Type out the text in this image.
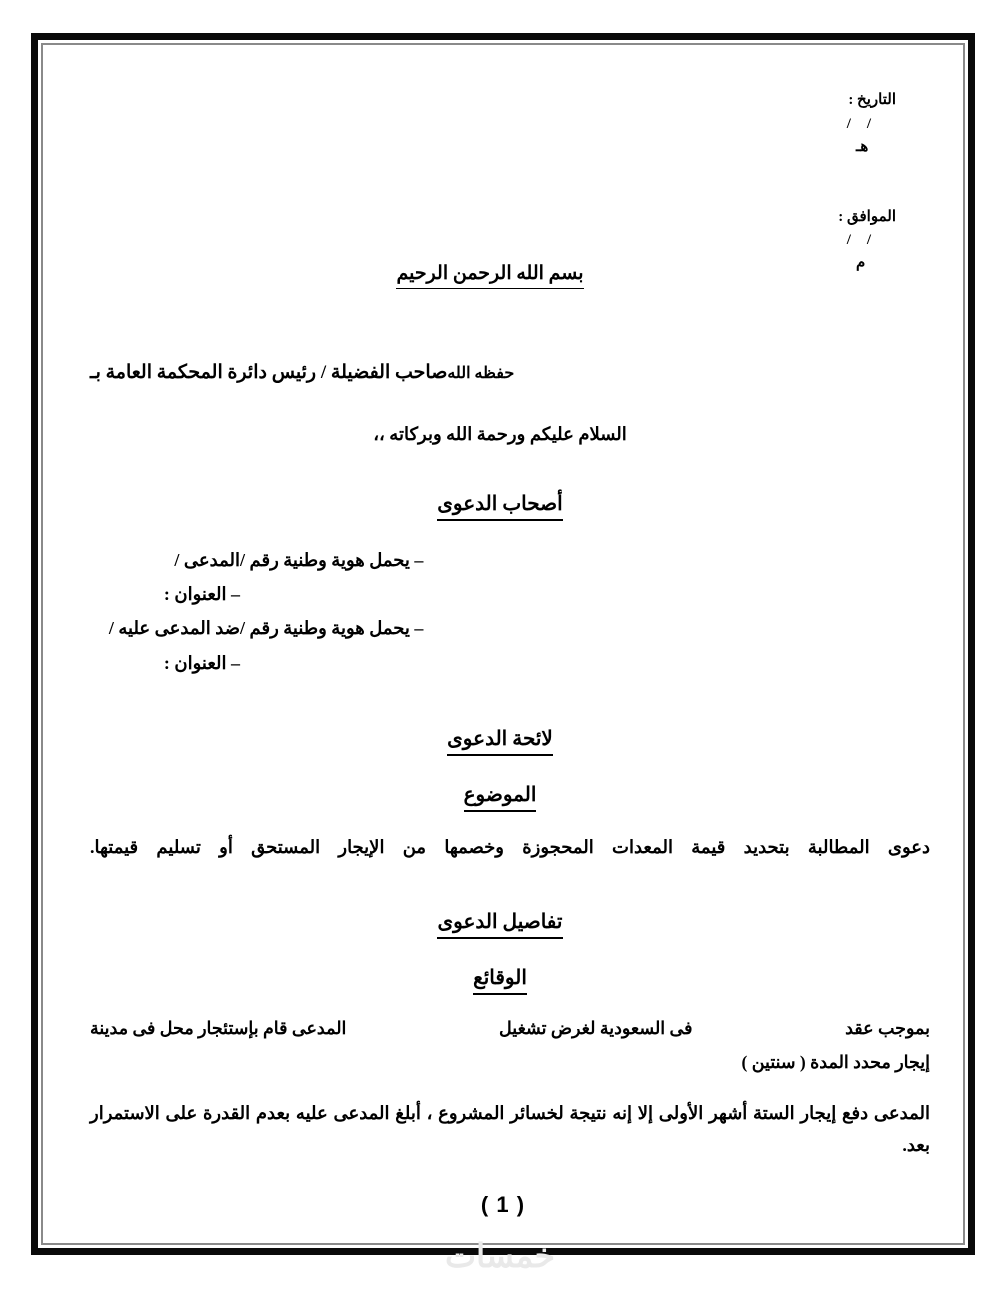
التاريخ :
/    /
هـ

الموافق :
/    /
م

بسم الله الرحمن الرحيم
صاحب الفضيلة / رئيس دائرة المحكمة العامة بـ حفظه الله
السلام عليكم ورحمة الله وبركاته ،،
أصحاب الدعوى
المدعى / – يحمل هوية وطنية رقم /
– العنوان :
ضد المدعى عليه / – يحمل هوية وطنية رقم /
– العنوان :
لائحة الدعوى
الموضوع
دعوى المطالبة بتحديد قيمة المعدات المحجوزة وخصمها من الإيجار المستحق أو تسليم قيمتها.
تفاصيل الدعوى
الوقائع
المدعى قام بإستئجار محل فى مدينة	فى السعودية لغرض تشغيل	بموجب عقد
إيجار محدد المدة ( سنتين )
المدعى دفع إيجار الستة أشهر الأولى إلا إنه نتيجة لخسائر المشروع ، أبلغ المدعى عليه بعدم القدرة على الاستمرار بعد.
( 1 )
خمسات
